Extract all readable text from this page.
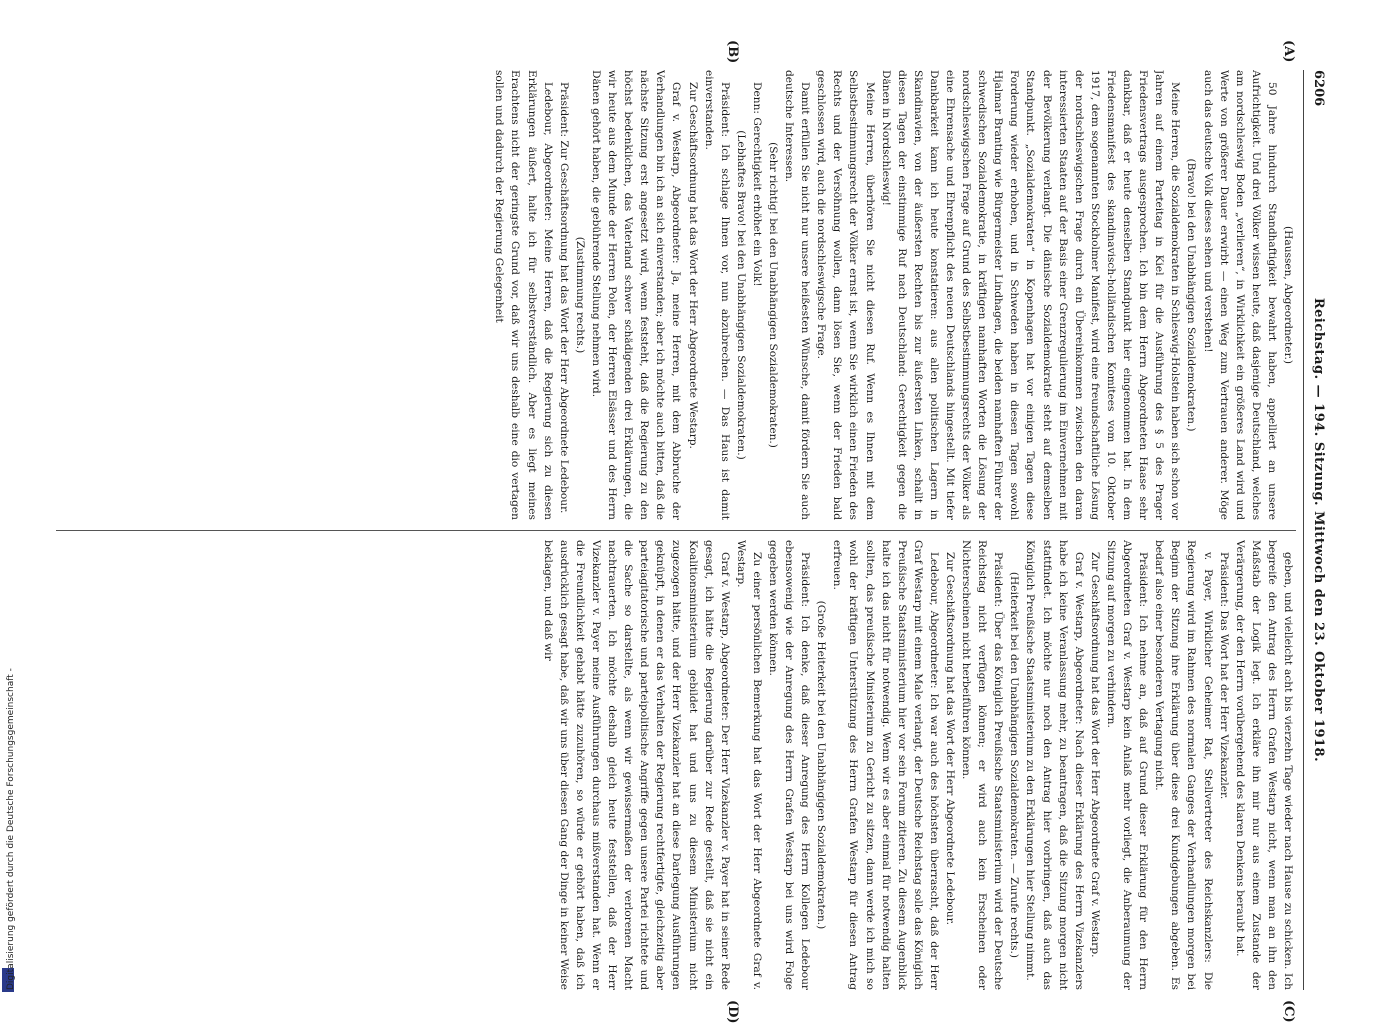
Digitalisierung gefördert durch die Deutsche Forschungsgemeinschaft -
6206
Reichstag. — 194. Sitzung. Mittwoch den 23. Oktober 1918.
(A)
(B)
(C)
(D)

(Haussen, Abgeordneter.)

50 Jahre hindurch Standhaftigkeit bewahrt haben, appelliert an unsere Aufrichtigkeit. Und drei Völker wissen heute, daß dasjenige Deutschland, welches am nordschleswig Boden „verlieren“, in Wirklichkeit ein größeres Land wird und Werte von größerer Dauer erwirbt — einen Weg zum Vertrauen anderer. Möge auch das deutsche Volk dieses sehen und verstehen!

(Bravo! bei den Unabhängigen Sozialdemokraten.)

Meine Herren, die Sozialdemokraten in Schleswig-Holstein haben sich schon vor Jahren auf einem Parteitag in Kiel für die Ausführung des § 5 des Prager Friedensvertrags ausgesprochen. Ich bin dem Herrn Abgeordneten Haase sehr dankbar, daß er heute denselben Standpunkt hier eingenommen hat. In dem Friedensmanifest des skandinavisch-holländischen Komitees vom 10. Oktober 1917, dem sogenannten Stockholmer Manifest, wird eine freundschaftliche Lösung der nordschleswigschen Frage durch ein Übereinkommen zwischen den daran interessierten Staaten auf der Basis einer Grenzregulierung im Einvernehmen mit der Bevölkerung verlangt. Die dänische Sozialdemokratie steht auf demselben Standpunkt. „Sozialdemokraten“ in Kopenhagen hat vor einigen Tagen diese Forderung wieder erhoben, und in Schweden haben in diesen Tagen sowohl Hjalmar Branting wie Bürgermeister Lindhagen, die beiden namhaften Führer der schwedischen Sozialdemokratie, in kräftigen namhaften Worten die Lösung der nordschleswigschen Frage auf Grund des Selbstbestimmungsrechts der Völker als eine Ehrensache und Ehrenpflicht des neuen Deutschlands hingestellt. Mit tiefer Dankbarkeit kann ich heute konstatieren: aus allen politischen Lagern in Skandinavien, von der äußersten Rechten bis zur äußersten Linken, schallt in diesen Tagen der einstimmige Ruf nach Deutschland: Gerechtigkeit gegen die Dänen in Nordschleswig!

Meine Herren, überhören Sie nicht diesen Ruf. Wenn es Ihnen mit dem Selbstbestimmungsrecht der Völker ernst ist, wenn Sie wirklich einen Frieden des Rechts und der Versöhnung wollen, dann lösen Sie, wenn der Frieden bald geschlossen wird, auch die nordschleswigsche Frage.

Damit erfüllen Sie nicht nur unsere heißesten Wünsche, damit fördern Sie auch deutsche Interessen.

(Sehr richtig! bei den Unabhängigen Sozialdemokraten.)

Denn: Gerechtigkeit erhöhet ein Volk!

(Lebhaftes Bravo! bei den Unabhängigen Sozialdemokraten.)

Präsident: Ich schlage Ihnen vor, nun abzubrechen. — Das Haus ist damit einverstanden.

Zur Geschäftsordnung hat das Wort der Herr Abgeordnete Westarp.

Graf v. Westarp, Abgeordneter: Ja, meine Herren, mit dem Abbruche der Verhandlungen bin ich an sich einverstanden; aber ich möchte auch bitten, daß die nächste Sitzung erst angesetzt wird, wenn feststeht, daß die Regierung zu den höchst bedenklichen, das Vaterland schwer schädigenden drei Erklärungen, die wir heute aus dem Munde der Herren Polen, der Herren Elsässer und des Herrn Dänen gehört haben, die gebührende Stellung nehmen wird.

(Zustimmung rechts.)

Präsident: Zur Geschäftsordnung hat das Wort der Herr Abgeordnete Ledebour.

Ledebour, Abgeordneter: Meine Herren, daß die Regierung sich zu diesen Erklärungen äußert, halte ich für selbstverständlich. Aber es liegt meines Erachtens nicht der geringste Grund vor, daß wir uns deshalb eine dio vertagen sollen und dadurch der Regierung Gelegenheit

geben, und vielleicht acht bis vierzehn Tage wieder nach Hause zu schicken. Ich begreife den Antrag des Herrn Grafen Westarp nicht, wenn man an ihn den Maßstab der Logik legt. Ich erkläre ihn mir nur aus einem Zustande der Verärgerung, der den Herrn vorübergehend des klaren Denkens beraubt hat.

Präsident: Das Wort hat der Herr Vizekanzler.

v. Payer, Wirklicher Geheimer Rat, Stellvertreter des Reichskanzlers: Die Regierung wird im Rahmen des normalen Ganges der Verhandlungen morgen bei Beginn der Sitzung ihre Erklärung über diese drei Kundgebungen abgeben. Es bedarf also einer besonderen Vertagung nicht.

Präsident: Ich nehme an, daß auf Grund dieser Erklärung für den Herrn Abgeordneten Graf v. Westarp kein Anlaß mehr vorliegt, die Anberaumung der Sitzung auf morgen zu verhindern.

Zur Geschäftsordnung hat das Wort der Herr Abgeordnete Graf v. Westarp.

Graf v. Westarp, Abgeordneter: Nach dieser Erklärung des Herrn Vizekanzlers habe ich keine Veranlassung mehr, zu beantragen, daß die Sitzung morgen nicht stattfindet. Ich möchte nur noch den Antrag hier vorbringen, daß auch das Königlich Preußische Staatsministerium zu den Erklärungen hier Stellung nimmt.

(Heiterkeit bei den Unabhängigen Sozialdemokraten. — Zurufe rechts.)

Präsident: Über das Königlich Preußische Staatsministerium wird der Deutsche Reichstag nicht verfügen können; er wird auch kein Erscheinen oder Nichterscheinen nicht herbeiführen können.

Zur Geschäftsordnung hat das Wort der Herr Abgeordnete Ledebour.

Ledebour, Abgeordneter: Ich war auch des höchsten überrascht, daß der Herr Graf Westarp mit einem Male verlangt, der Deutsche Reichstag solle das Königlich Preußische Staatsministerium hier vor sein Forum zitieren. Zu diesem Augenblick halte ich das nicht für notwendig. Wenn wir es aber einmal für notwendig halten sollten, das preußische Ministerium zu Gericht zu sitzen, dann werde ich mich so wohl der kräftigen Unterstützung des Herrn Grafen Westarp für diesen Antrag erfreuen.

(Große Heiterkeit bei den Unabhängigen Sozialdemokraten.)

Präsident: Ich denke, daß dieser Anregung des Herrn Kollegen Ledebour ebensowenig wie der Anregung des Herrn Grafen Westarp bei uns wird Folge gegeben werden können.

Zu einer persönlichen Bemerkung hat das Wort der Herr Abgeordnete Graf v. Westarp.

Graf v. Westarp, Abgeordneter: Der Herr Vizekanzler v. Payer hat in seiner Rede gesagt, ich hätte die Regierung darüber zur Rede gestellt, daß sie nicht ein Koalitionsministerium gebildet hat und uns zu diesem Ministerium nicht zugezogen hätte, und der Herr Vizekanzler hat an diese Darlegung Ausführungen geknüpft, in denen er das Verhalten der Regierung rechtfertigte, gleichzeitig aber parteiagitatorische und parteipolitische Angriffe gegen unsere Partei richtete und die Sache so darstellte, als wenn wir gewissermaßen der verlorenen Macht nachtrauerten. Ich möchte deshalb gleich heute feststellen, daß der Herr Vizekanzler v. Payer meine Ausführungen durchaus mißverstanden hat. Wenn er die Freundlichkeit gehabt hätte zuzuhören, so würde er gehört haben, daß ich ausdrücklich gesagt habe, daß wir uns über diesen Gang der Dinge in keiner Weise beklagen, und daß wir
